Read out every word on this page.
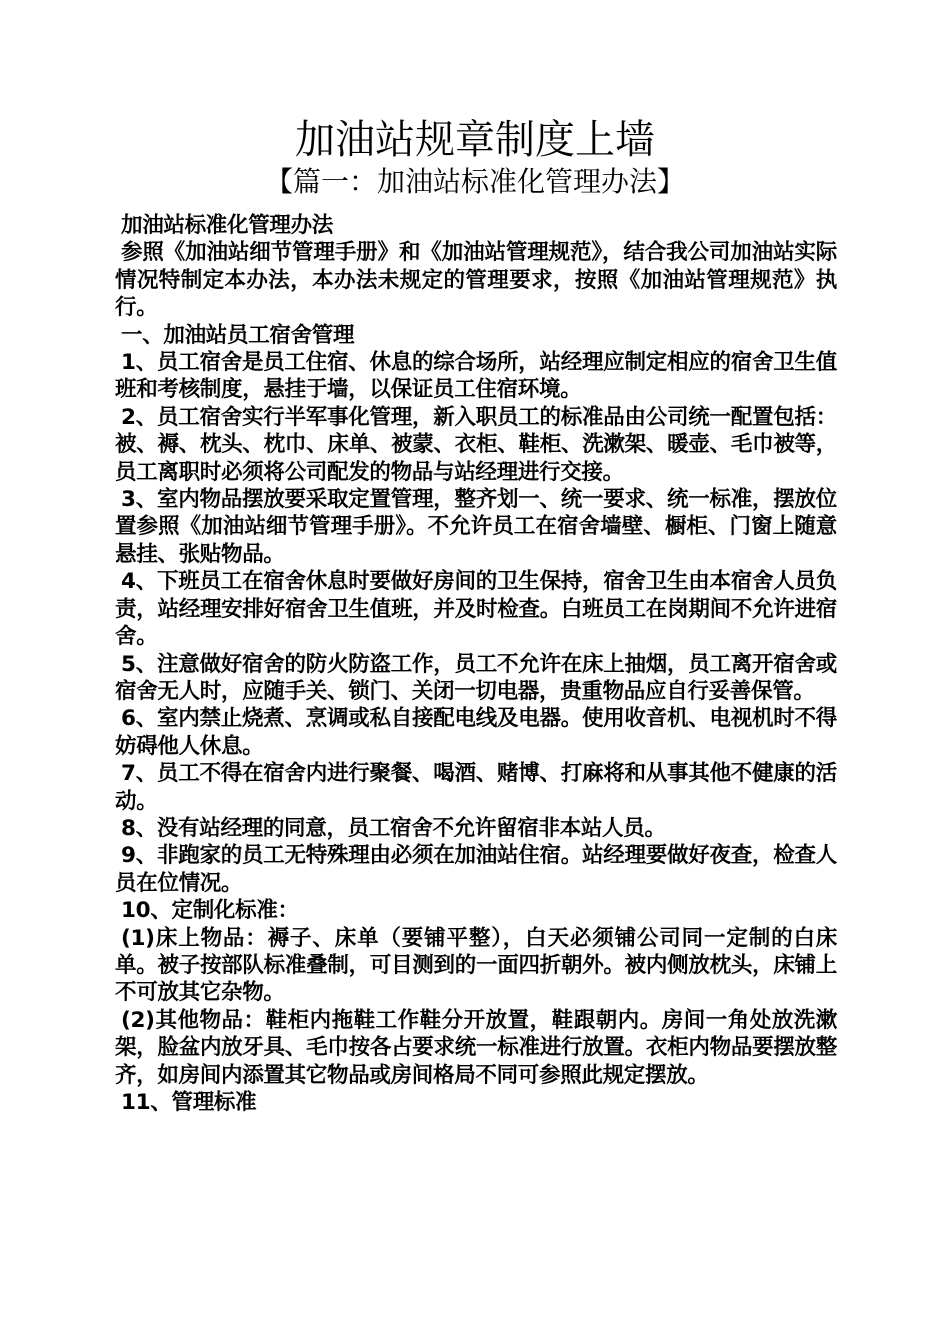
加油站规章制度上墙
【篇一：加油站标准化管理办法】

加油站标准化管理办法

参照《加油站细节管理手册》和《加油站管理规范》，结合我公司加油站实际情况特制定本办法，本办法未规定的管理要求，按照《加油站管理规范》执行。

一、加油站员工宿舍管理

1、员工宿舍是员工住宿、休息的综合场所，站经理应制定相应的宿舍卫生值班和考核制度，悬挂于墙，以保证员工住宿环境。

2、员工宿舍实行半军事化管理，新入职员工的标准品由公司统一配置包括：被、褥、枕头、枕巾、床单、被蒙、衣柜、鞋柜、洗漱架、暖壶、毛巾被等，员工离职时必须将公司配发的物品与站经理进行交接。

3、室内物品摆放要采取定置管理，整齐划一、统一要求、统一标准，摆放位置参照《加油站细节管理手册》。不允许员工在宿舍墙壁、橱柜、门窗上随意悬挂、张贴物品。

4、下班员工在宿舍休息时要做好房间的卫生保持，宿舍卫生由本宿舍人员负责，站经理安排好宿舍卫生值班，并及时检查。白班员工在岗期间不允许进宿舍。

5、注意做好宿舍的防火防盗工作，员工不允许在床上抽烟，员工离开宿舍或宿舍无人时，应随手关、锁门、关闭一切电器，贵重物品应自行妥善保管。

6、室内禁止烧煮、烹调或私自接配电线及电器。使用收音机、电视机时不得妨碍他人休息。

7、员工不得在宿舍内进行聚餐、喝酒、赌博、打麻将和从事其他不健康的活动。

8、没有站经理的同意，员工宿舍不允许留宿非本站人员。

9、非跑家的员工无特殊理由必须在加油站住宿。站经理要做好夜查，检查人员在位情况。

10、定制化标准：

(1)床上物品：褥子、床单（要铺平整），白天必须铺公司同一定制的白床单。被子按部队标准叠制，可目测到的一面四折朝外。被内侧放枕头，床铺上不可放其它杂物。

(2)其他物品：鞋柜内拖鞋工作鞋分开放置，鞋跟朝内。房间一角处放洗漱架，脸盆内放牙具、毛巾按各占要求统一标准进行放置。衣柜内物品要摆放整齐，如房间内添置其它物品或房间格局不同可参照此规定摆放。

11、管理标准
